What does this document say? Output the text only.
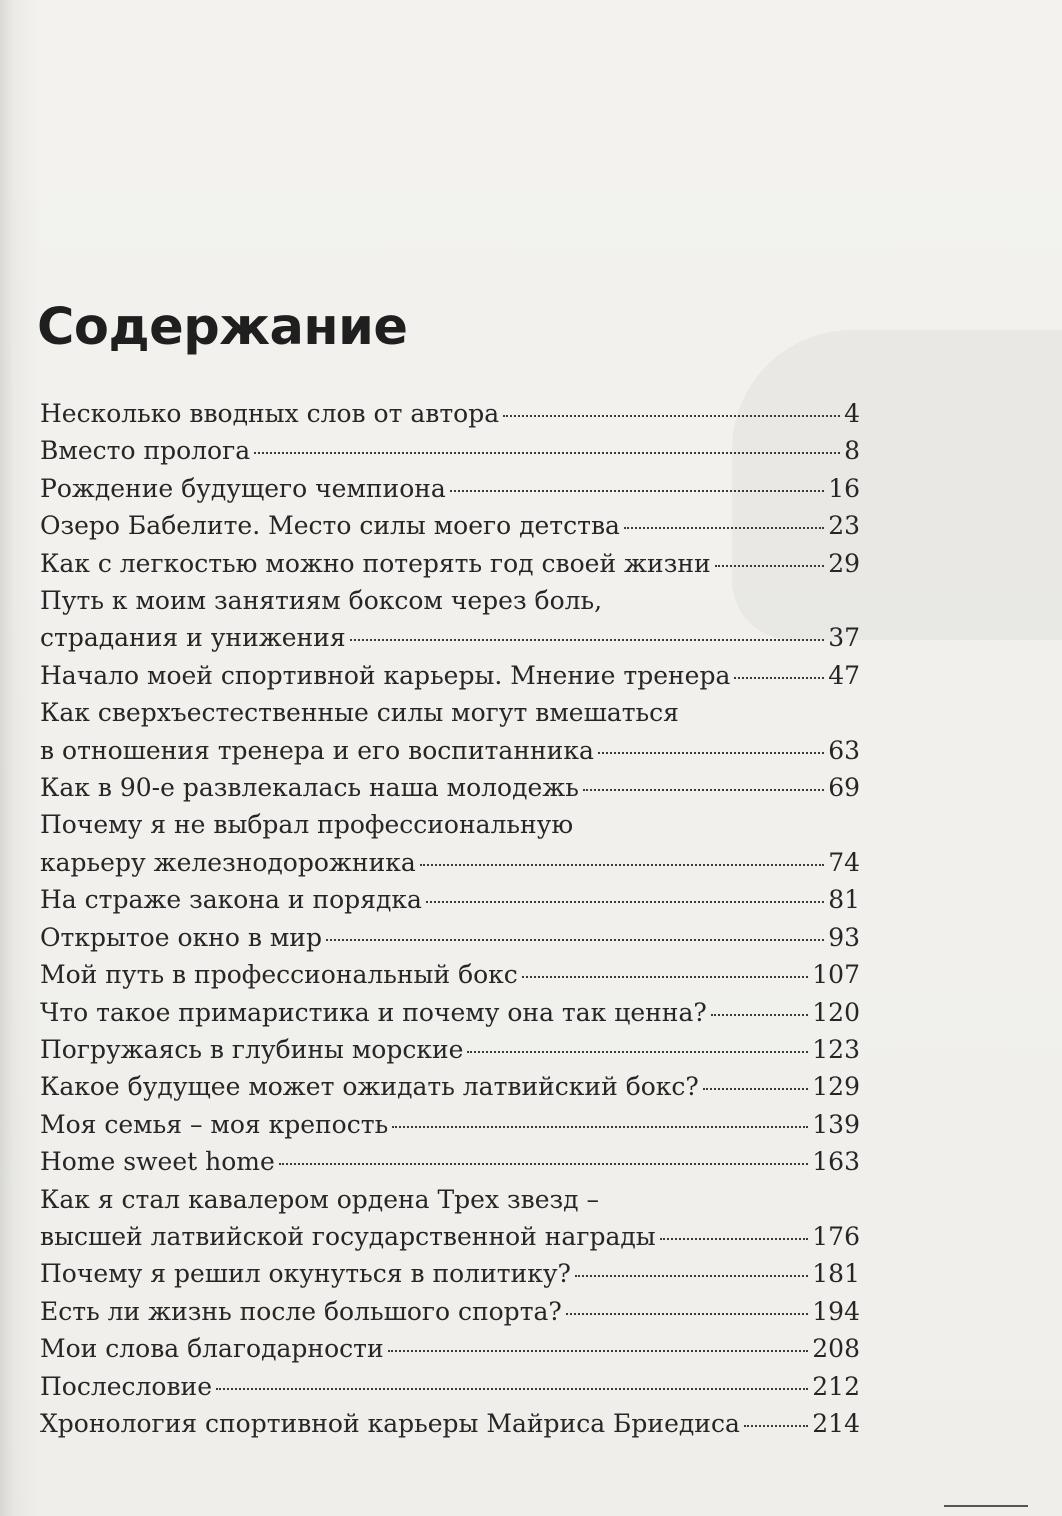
Содержание
Несколько вводных слов от автора	4
Вместо пролога	8
Рождение будущего чемпиона	16
Озеро Бабелите. Место силы моего детства	23
Как с легкостью можно потерять год своей жизни	29
Путь к моим занятиям боксом через боль,
страдания и унижения	37
Начало моей спортивной карьеры. Мнение тренера	47
Как сверхъестественные силы могут вмешаться
в отношения тренера и его воспитанника	63
Как в 90-е развлекалась наша молодежь	69
Почему я не выбрал профессиональную
карьеру железнодорожника	74
На страже закона и порядка	81
Открытое окно в мир	93
Мой путь в профессиональный бокс	107
Что такое примаристика и почему она так ценна?	120
Погружаясь в глубины морские	123
Какое будущее может ожидать латвийский бокс?	129
Моя семья – моя крепость	139
Home sweet home	163
Как я стал кавалером ордена Трех звезд –
высшей латвийской государственной награды	176
Почему я решил окунуться в политику?	181
Есть ли жизнь после большого спорта?	194
Мои слова благодарности	208
Послесловие	212
Хронология спортивной карьеры Майриса Бриедиса	214
